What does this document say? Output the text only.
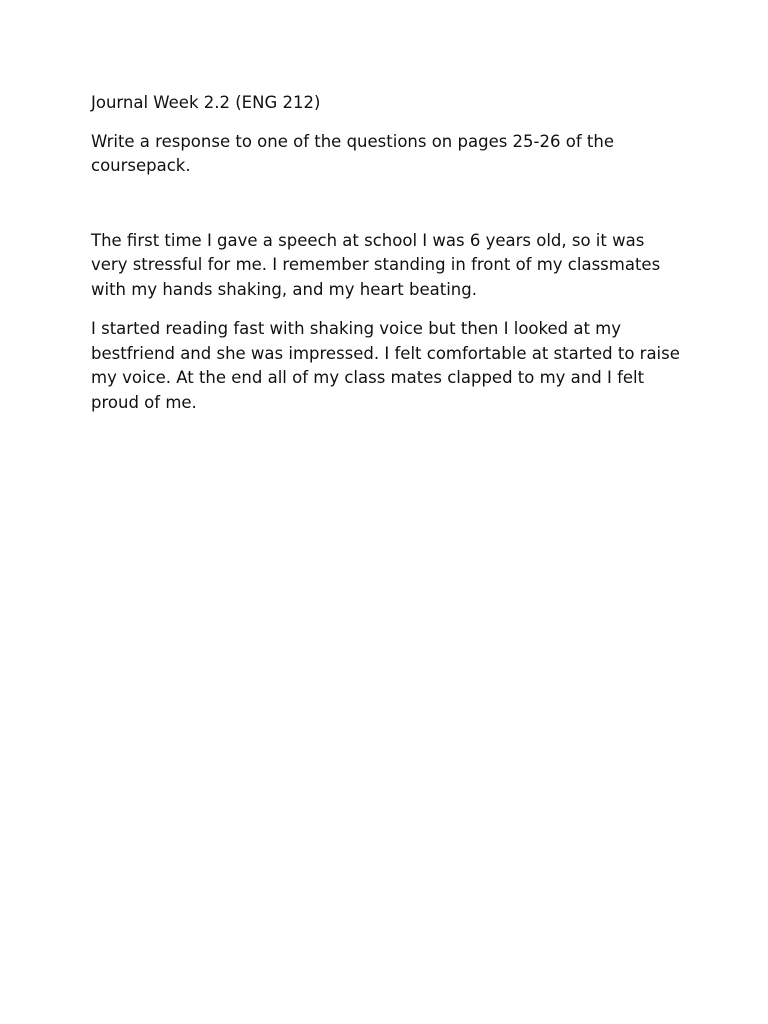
Journal Week 2.2 (ENG 212)

Write a response to one of the questions on pages 25-26 of the coursepack.

The first time I gave a speech at school I was 6 years old, so it was very stressful for me. I remember standing in front of my classmates with my hands shaking, and my heart beating.

I started reading fast with shaking voice but then I looked at my bestfriend and she was impressed. I felt comfortable at started to raise my voice. At the end all of my class mates clapped to my and I felt proud of me.
